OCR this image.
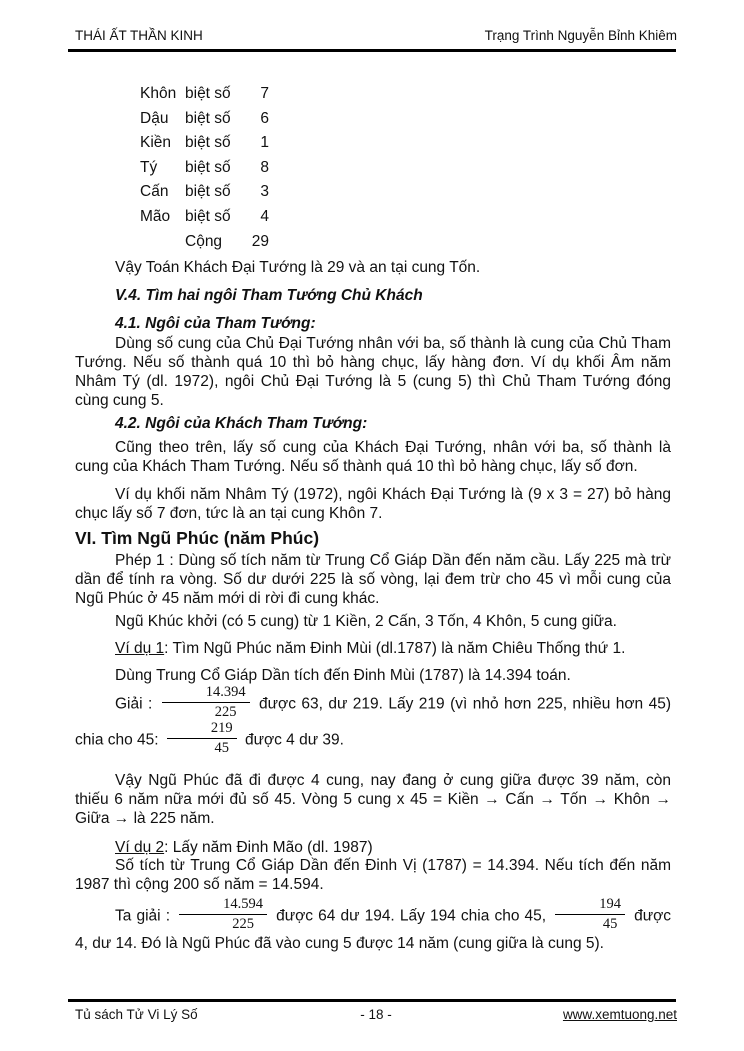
THÁI ẤT THẦN KINH	Trạng Trình Nguyễn Bỉnh Khiêm
Khôn biệt số	7
Dậu	biệt số	6
Kiền biệt số	1
Tý	biệt số	8
Cấn	biệt số	3
Mão biệt số	4
Cộng	29

Vậy Toán Khách Đại Tướng là 29 và an tại cung Tốn.

V.4. Tìm hai ngôi Tham Tướng Chủ Khách
4.1. Ngôi của Tham Tướng:

Dùng số cung của Chủ Đại Tướng nhân với ba, số thành là cung của Chủ Tham Tướng. Nếu số thành quá 10 thì bỏ hàng chục, lấy hàng đơn. Ví dụ khối Âm năm Nhâm Tý (dl. 1972), ngôi Chủ Đại Tướng là 5 (cung 5) thì Chủ Tham Tướng đóng cùng cung 5.

4.2. Ngôi của Khách Tham Tướng:

Cũng theo trên, lấy số cung của Khách Đại Tướng, nhân với ba, số thành là cung của Khách Tham Tướng. Nếu số thành quá 10 thì bỏ hàng chục, lấy số đơn.

Ví dụ khối năm Nhâm Tý (1972), ngôi Khách Đại Tướng là (9 x 3 = 27) bỏ hàng chục lấy số 7 đơn, tức là an tại cung Khôn 7.

VI. Tìm Ngũ Phúc (năm Phúc)

Phép 1 : Dùng số tích năm từ Trung Cổ Giáp Dần đến năm cầu. Lấy 225 mà trừ dần để tính ra vòng. Số dư dưới 225 là số vòng, lại đem trừ cho 45 vì mỗi cung của Ngũ Phúc ở 45 năm mới di rời đi cung khác.

Ngũ Khúc khởi (có 5 cung) từ 1 Kiền, 2 Cấn, 3 Tốn, 4 Khôn, 5 cung giữa.

Ví dụ 1: Tìm Ngũ Phúc năm Đinh Mùi (dl.1787) là năm Chiêu Thống thứ 1.

Dùng Trung Cổ Giáp Dần tích đến Đinh Mùi (1787) là 14.394 toán.

Giải : $\frac{14.394}{225}$ được 63, dư 219. Lấy 219 (vì nhỏ hơn 225, nhiều hơn 45) chia cho 45: $\frac{219}{45}$ được 4 dư 39.

Vậy Ngũ Phúc đã đi được 4 cung, nay đang ở cung giữa được 39 năm, còn thiếu 6 năm nữa mới đủ số 45. Vòng 5 cung x 45 = Kiền → Cấn → Tốn → Khôn → Giữa → là 225 năm.

Ví dụ 2: Lấy năm Đinh Mão (dl. 1987)

Số tích từ Trung Cổ Giáp Dần đến Đinh Vị (1787) = 14.394. Nếu tích đến năm 1987 thì cộng 200 số năm = 14.594.

Ta giải : $\frac{14.594}{225}$ được 64 dư 194. Lấy 194 chia cho 45, $\frac{194}{45}$ được 4, dư 14. Đó là Ngũ Phúc đã vào cung 5 được 14 năm (cung giữa là cung 5).

Tủ sách Tử Vi Lý Số	- 18 -	www.xemtuong.net
